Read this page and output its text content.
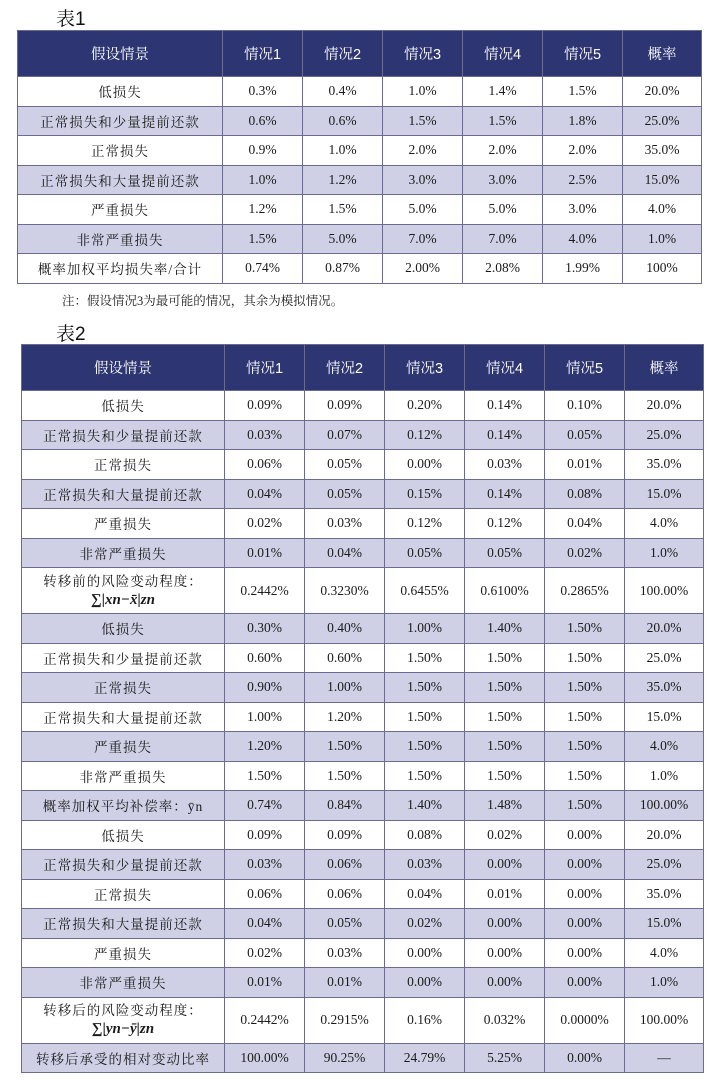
表1
假设情景	情况1	情况2	情况3	情况4	情况5	概率
低损失	0.3%	0.4%	1.0%	1.4%	1.5%	20.0%
正常损失和少量提前还款	0.6%	0.6%	1.5%	1.5%	1.8%	25.0%
正常损失	0.9%	1.0%	2.0%	2.0%	2.0%	35.0%
正常损失和大量提前还款	1.0%	1.2%	3.0%	3.0%	2.5%	15.0%
严重损失	1.2%	1.5%	5.0%	5.0%	3.0%	4.0%
非常严重损失	1.5%	5.0%	7.0%	7.0%	4.0%	1.0%
概率加权平均损失率/合计	0.74%	0.87%	2.00%	2.08%	1.99%	100%
注：假设情况3为最可能的情况，其余为模拟情况。
表2
假设情景	情况1	情况2	情况3	情况4	情况5	概率
低损失	0.09%	0.09%	0.20%	0.14%	0.10%	20.0%
正常损失和少量提前还款	0.03%	0.07%	0.12%	0.14%	0.05%	25.0%
正常损失	0.06%	0.05%	0.00%	0.03%	0.01%	35.0%
正常损失和大量提前还款	0.04%	0.05%	0.15%	0.14%	0.08%	15.0%
严重损失	0.02%	0.03%	0.12%	0.12%	0.04%	4.0%
非常严重损失	0.01%	0.04%	0.05%	0.05%	0.02%	1.0%
转移前的风险变动程度：
∑|xn−x̄|zn	0.2442%	0.3230%	0.6455%	0.6100%	0.2865%	100.00%
低损失	0.30%	0.40%	1.00%	1.40%	1.50%	20.0%
正常损失和少量提前还款	0.60%	0.60%	1.50%	1.50%	1.50%	25.0%
正常损失	0.90%	1.00%	1.50%	1.50%	1.50%	35.0%
正常损失和大量提前还款	1.00%	1.20%	1.50%	1.50%	1.50%	15.0%
严重损失	1.20%	1.50%	1.50%	1.50%	1.50%	4.0%
非常严重损失	1.50%	1.50%	1.50%	1.50%	1.50%	1.0%
概率加权平均补偿率：ȳn	0.74%	0.84%	1.40%	1.48%	1.50%	100.00%
低损失	0.09%	0.09%	0.08%	0.02%	0.00%	20.0%
正常损失和少量提前还款	0.03%	0.06%	0.03%	0.00%	0.00%	25.0%
正常损失	0.06%	0.06%	0.04%	0.01%	0.00%	35.0%
正常损失和大量提前还款	0.04%	0.05%	0.02%	0.00%	0.00%	15.0%
严重损失	0.02%	0.03%	0.00%	0.00%	0.00%	4.0%
非常严重损失	0.01%	0.01%	0.00%	0.00%	0.00%	1.0%
转移后的风险变动程度：
∑|yn−ȳ|zn	0.2442%	0.2915%	0.16%	0.032%	0.0000%	100.00%
转移后承受的相对变动比率	100.00%	90.25%	24.79%	5.25%	0.00%	—
